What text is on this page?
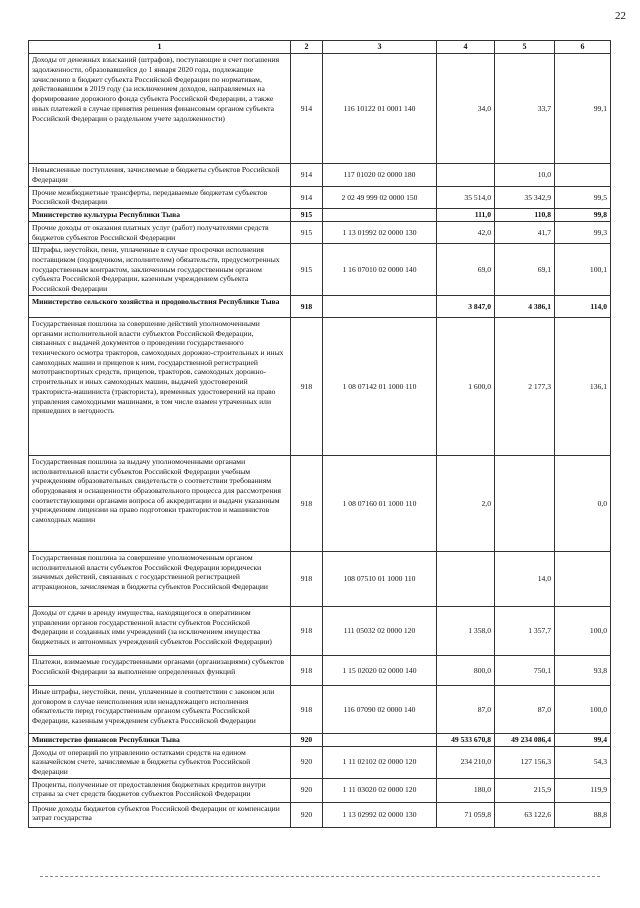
22
1	2	3	4	5	6
Доходы от денежных взысканий (штрафов), поступающие в счет погашения задолженности, образовавшейся до 1 января 2020 года, подлежащие зачислению в бюджет субъекта Российской Федерации по нормативам, действовавшим в 2019 году (за исключением доходов, направляемых на формирование дорожного фонда субъекта Российской Федерации, а также иных платежей в случае принятия решения финансовым органом субъекта Российской Федерации о раздельном учете задолженности)	914	116 10122 01 0001 140	34,0	33,7	99,1
Невыясненные поступления, зачисляемые в бюджеты субъектов Российской Федерации	914	117 01020 02 0000 180		10,0	
Прочие межбюджетные трансферты, передаваемые бюджетам субъектов Российской Федерации	914	2 02 49 999 02 0000 150	35 514,0	35 342,9	99,5
Министерство культуры Республики Тыва	915		111,0	110,8	99,8
Прочие доходы от оказания платных услуг (работ) получателями средств бюджетов субъектов Российской Федерации	915	1 13 01992 02 0000 130	42,0	41,7	99,3
Штрафы, неустойки, пени, уплаченные в случае просрочки исполнения поставщиком (подрядчиком, исполнителем) обязательств, предусмотренных государственным контрактом, заключенным государственным органом субъекта Российской Федерации, казенным учреждением субъекта Российской Федерации	915	1 16 07010 02 0000 140	69,0	69,1	100,1
Министерство сельского хозяйства и продовольствия Республики Тыва	918		3 847,0	4 386,1	114,0
Государственная пошлина за совершение действий уполномоченными органами исполнительной власти субъектов Российской Федерации, связанных с выдачей документов о проведении государственного технического осмотра тракторов, самоходных дорожно-строительных и иных самоходных машин и прицепов к ним, государственной регистрацией мототранспортных средств, прицепов, тракторов, самоходных дорожно-строительных и иных самоходных машин, выдачей удостоверений тракториста-машиниста (тракториста), временных удостоверений на право управления самоходными машинами, в том числе взамен утраченных или пришедших в негодность	918	1 08 07142 01 1000 110	1 600,0	2 177,3	136,1
Государственная пошлина за выдачу уполномоченными органами исполнительной власти субъектов Российской Федерации учебным учреждениям образовательных свидетельств о соответствии требованиям оборудования и оснащенности образовательного процесса для рассмотрения соответствующими органами вопроса об аккредитации и выдачи указанным учреждениям лицензии на право подготовки трактористов и машинистов самоходных машин	918	1 08 07160 01 1000 110	2,0		0,0
Государственная пошлина за совершение уполномоченным органом исполнительной власти субъектов Российской Федерации юридически значимых действий, связанных с государственной регистрацией аттракционов, зачисляемая в бюджеты субъектов Российской Федерации	918	108 07510 01 1000 110		14,0	
Доходы от сдачи в аренду имущества, находящегося в оперативном управлении органов государственной власти субъектов Российской Федерации и созданных ими учреждений (за исключением имущества бюджетных и автономных учреждений субъектов Российской Федерации)	918	111 05032 02 0000 120	1 358,0	1 357,7	100,0
Платежи, взимаемые государственными органами (организациями) субъектов Российской Федерации за выполнение определенных функций	918	1 15 02020 02 0000 140	800,0	750,1	93,8
Иные штрафы, неустойки, пени, уплаченные в соответствии с законом или договором в случае неисполнения или ненадлежащего исполнения обязательств перед государственным органом субъекта Российской Федерации, казенным учреждением субъекта Российской Федерации	918	116 07090 02 0000 140	87,0	87,0	100,0
Министерство финансов Республики Тыва	920		49 533 670,8	49 234 086,4	99,4
Доходы от операций по управлению остатками средств на едином казначейском счете, зачисляемые в бюджеты субъектов Российской Федерации	920	1 11 02102 02 0000 120	234 210,0	127 156,3	54,3
Проценты, полученные от предоставления бюджетных кредитов внутри страны за счет средств бюджетов субъектов Российской Федерации	920	1 11 03020 02 0000 120	180,0	215,9	119,9
Прочие доходы бюджетов субъектов Российской Федерации от компенсации затрат государства	920	1 13 02992 02 0000 130	71 059,8	63 122,6	88,8
